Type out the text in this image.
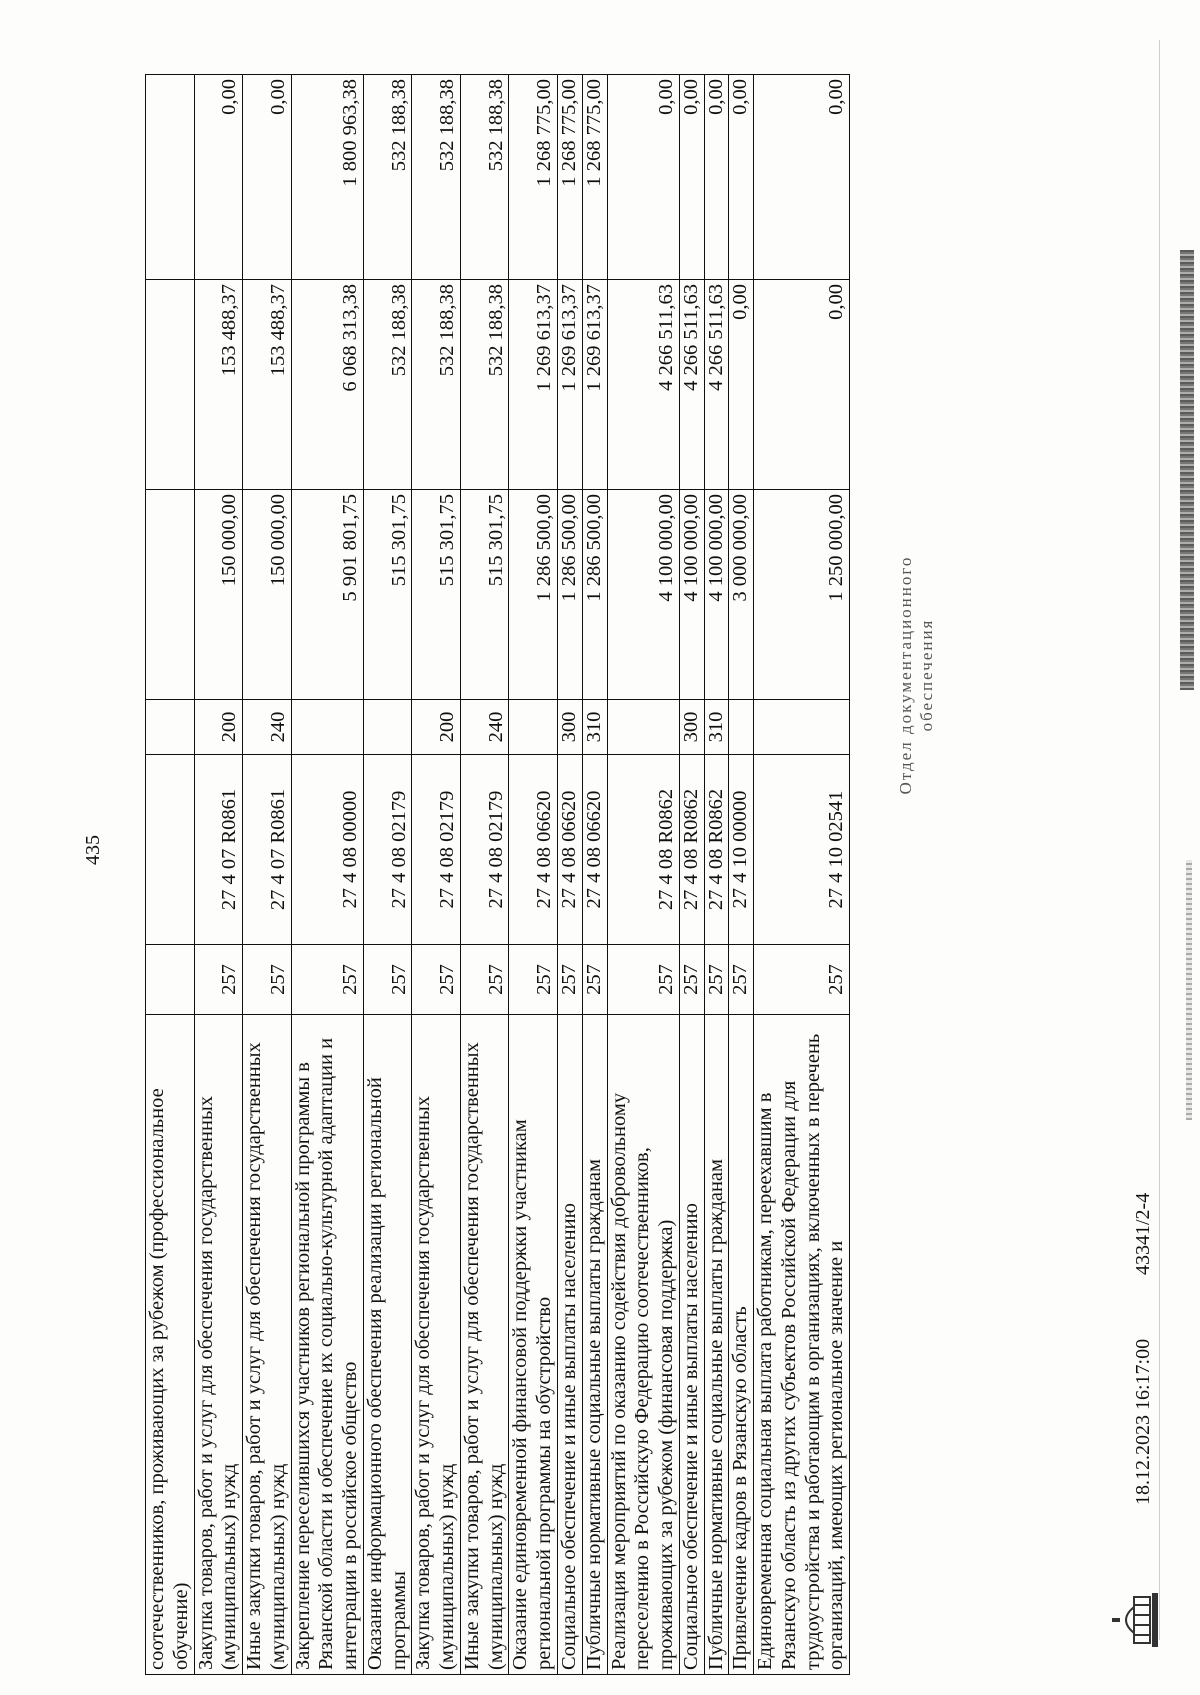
435
соотечественников, проживающих за рубежом (профессиональное обучение)						
Закупка товаров, работ и услуг для обеспечения государственных (муниципальных) нужд	257	27 4 07 R0861	200	150 000,00	153 488,37	0,00
Иные закупки товаров, работ и услуг для обеспечения государственных (муниципальных) нужд	257	27 4 07 R0861	240	150 000,00	153 488,37	0,00
Закрепление переселившихся участников региональной программы в Рязанской области и обеспечение их социально-культурной адаптации и интеграции в российское общество	257	27 4 08 00000		5 901 801,75	6 068 313,38	1 800 963,38
Оказание информационного обеспечения реализации региональной программы	257	27 4 08 02179		515 301,75	532 188,38	532 188,38
Закупка товаров, работ и услуг для обеспечения государственных (муниципальных) нужд	257	27 4 08 02179	200	515 301,75	532 188,38	532 188,38
Иные закупки товаров, работ и услуг для обеспечения государственных (муниципальных) нужд	257	27 4 08 02179	240	515 301,75	532 188,38	532 188,38
Оказание единовременной финансовой поддержки участникам региональной программы на обустройство	257	27 4 08 06620		1 286 500,00	1 269 613,37	1 268 775,00
Социальное обеспечение и иные выплаты населению	257	27 4 08 06620	300	1 286 500,00	1 269 613,37	1 268 775,00
Публичные нормативные социальные выплаты гражданам	257	27 4 08 06620	310	1 286 500,00	1 269 613,37	1 268 775,00
Реализация мероприятий по оказанию содействия добровольному переселению в Российскую Федерацию соотечественников, проживающих за рубежом (финансовая поддержка)	257	27 4 08 R0862		4 100 000,00	4 266 511,63	0,00
Социальное обеспечение и иные выплаты населению	257	27 4 08 R0862	300	4 100 000,00	4 266 511,63	0,00
Публичные нормативные социальные выплаты гражданам	257	27 4 08 R0862	310	4 100 000,00	4 266 511,63	0,00
Привлечение кадров в Рязанскую область	257	27 4 10 00000		3 000 000,00	0,00	0,00
Единовременная социальная выплата работникам, переехавшим в Рязанскую область из других субъектов Российской Федерации для трудоустройства и работающим в организациях, включенных в перечень организаций, имеющих региональное значение и	257	27 4 10 02541		1 250 000,00	0,00	0,00
Отдел документационного обеспечения
18.12.2023 16:17:00
43341/2-4
